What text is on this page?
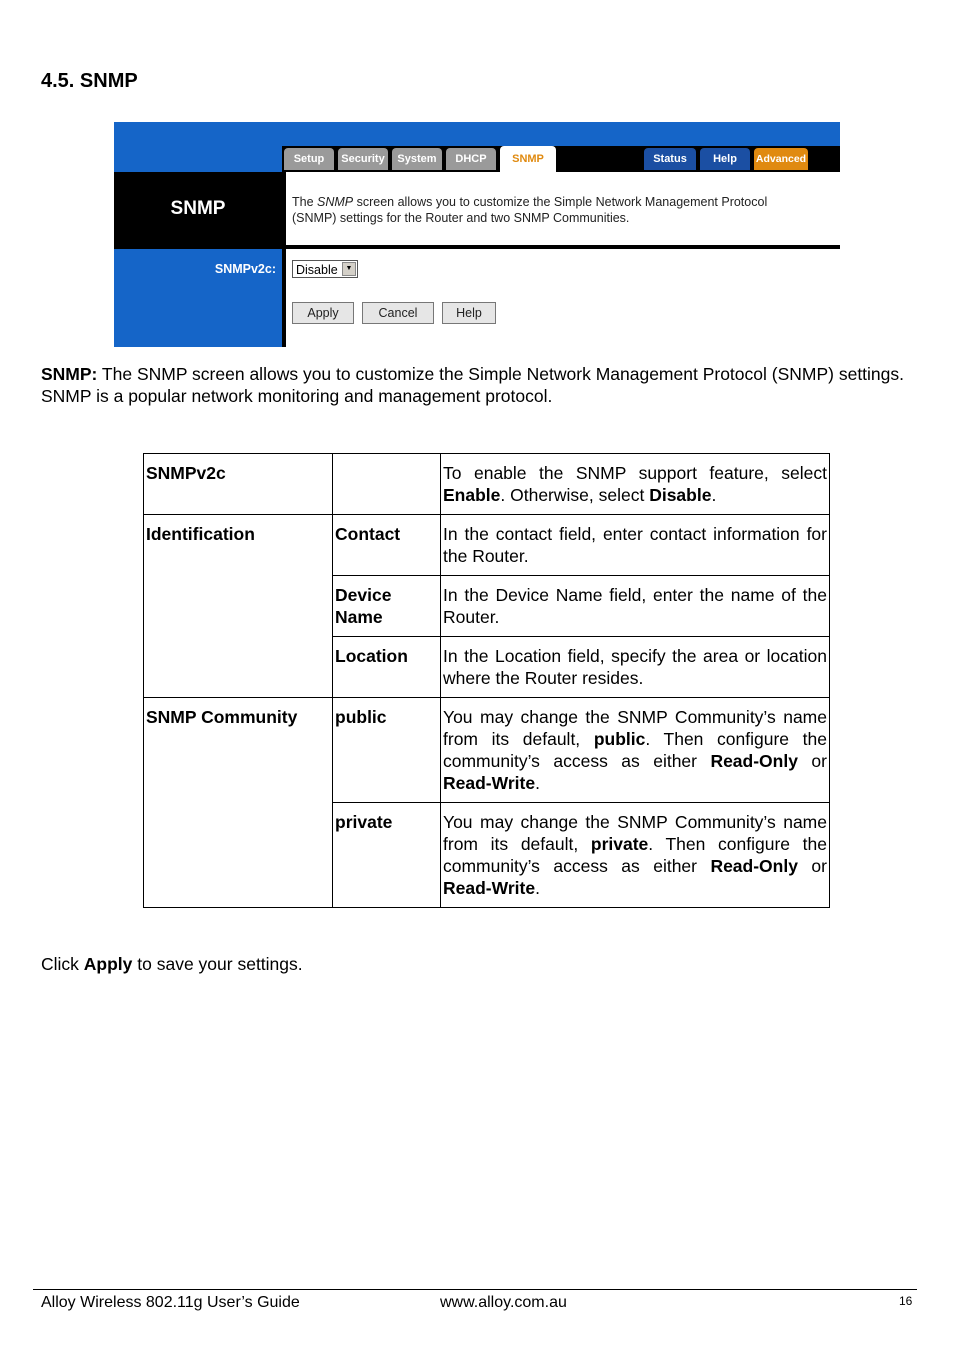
4.5. SNMP
Setup	Security	System	DHCP	SNMP	Status	Help	Advanced
SNMP	The SNMP screen allows you to customize the Simple Network Management Protocol
(SNMP) settings for the Router and two SNMP Communities.

SNMPv2c:	Disable	▼
Apply	Cancel	Help

SNMP: The SNMP screen allows you to customize the Simple Network Management Protocol (SNMP) settings. SNMP is a popular network monitoring and management protocol.

SNMPv2c		To enable the SNMP support feature, select Enable. Otherwise, select Disable.
Identification	Contact	In the contact field, enter contact information for the Router.
	Device Name	In the Device Name field, enter the name of the Router.
	Location	In the Location field, specify the area or location where the Router resides.
SNMP Community	public	You may change the SNMP Community’s name from its default, public. Then configure the community’s access as either Read-Only or Read-Write.
	private	You may change the SNMP Community’s name from its default, private. Then configure the community’s access as either Read-Only or Read-Write.

Click Apply to save your settings.

Alloy Wireless 802.11g User’s Guide	www.alloy.com.au	16
